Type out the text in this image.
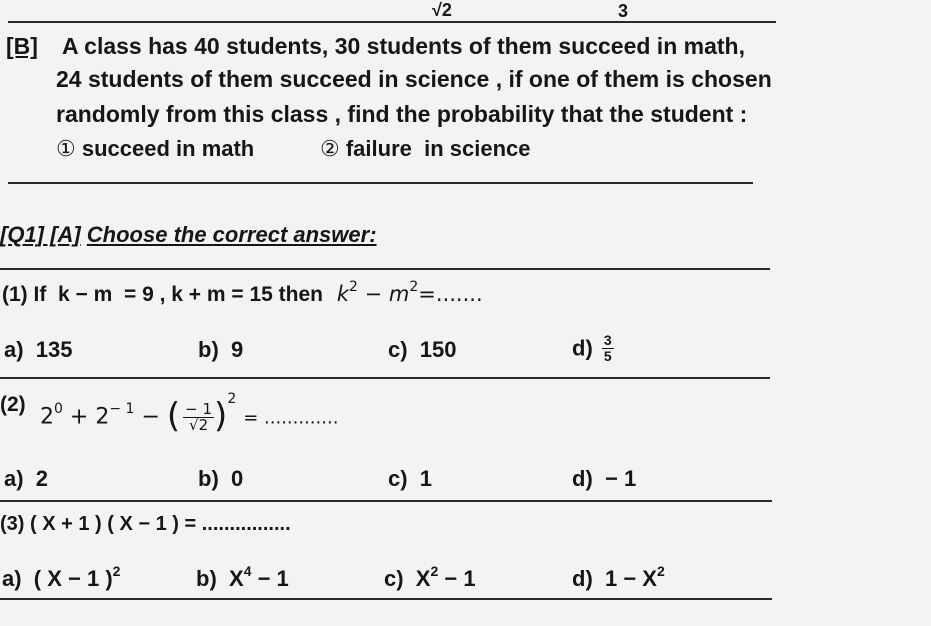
√2	3
[B] A class has 40 students, 30 students of them succeed in math,
24 students of them succeed in science , if one of them is chosen
randomly from this class , find the probability that the student :
① succeed in math	② failure  in science
[Q1] [A] Choose the correct answer:
(1) If  k − m  = 9 , k + m = 15 then $k^2 - m^2=$.......
a) 135	b) 9	c) 150	$d) \frac{3}{5}$
(2) $2^0 + 2^{- 1}$ − ( $\frac{- 1}{√2} )^2$ = .............
a) 2	b) 0	c) 1	d) − 1
(3) ( X + 1 ) ( X − 1 ) = ................
a) ( X − 1 )$^2$	b) $X^4 - 1$	c) $X^2 - 1$	d) $1 - X^2$
